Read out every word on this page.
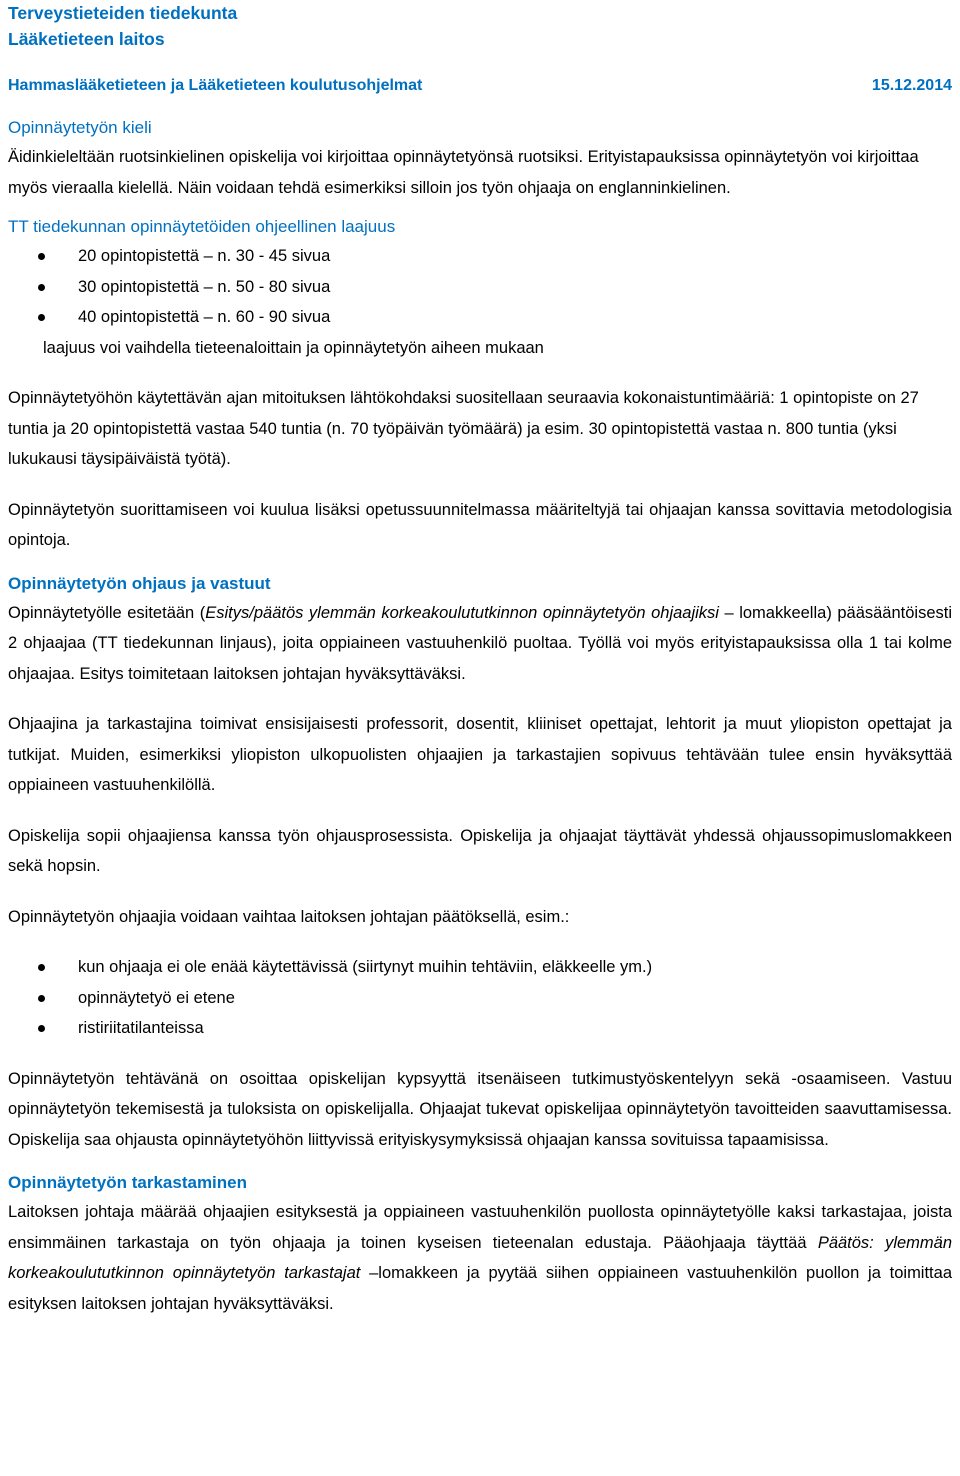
Terveystieteiden tiedekunta
Lääketieteen laitos
Hammaslääketieteen ja Lääketieteen koulutusohjelmat	15.12.2014
Opinnäytetyön kieli

Äidinkieleltään ruotsinkielinen opiskelija voi kirjoittaa opinnäytetyönsä ruotsiksi. Erityistapauksissa opinnäytetyön voi kirjoittaa myös vieraalla kielellä. Näin voidaan tehdä esimerkiksi silloin jos työn ohjaaja on englanninkielinen.

TT tiedekunnan opinnäytetöiden ohjeellinen laajuus
20 opintopistettä – n. 30 - 45 sivua
30 opintopistettä – n. 50 - 80 sivua
40 opintopistettä – n. 60 - 90 sivua

laajuus voi vaihdella tieteenaloittain ja opinnäytetyön aiheen mukaan

Opinnäytetyöhön käytettävän ajan mitoituksen lähtökohdaksi suositellaan seuraavia kokonaistuntimääriä: 1 opintopiste on 27 tuntia ja 20 opintopistettä vastaa 540 tuntia (n. 70 työpäivän työmäärä) ja esim. 30 opintopistettä vastaa n. 800 tuntia (yksi lukukausi täysipäiväistä työtä).

Opinnäytetyön suorittamiseen voi kuulua lisäksi opetussuunnitelmassa määriteltyjä tai ohjaajan kanssa sovittavia metodologisia opintoja.

Opinnäytetyön ohjaus ja vastuut

Opinnäytetyölle esitetään (Esitys/päätös ylemmän korkeakoulututkinnon opinnäytetyön ohjaajiksi – lomakkeella) pääsääntöisesti 2 ohjaajaa (TT tiedekunnan linjaus), joita oppiaineen vastuuhenkilö puoltaa. Työllä voi myös erityistapauksissa olla 1 tai kolme ohjaajaa. Esitys toimitetaan laitoksen johtajan hyväksyttäväksi.

Ohjaajina ja tarkastajina toimivat ensisijaisesti professorit, dosentit, kliiniset opettajat, lehtorit ja muut yliopiston opettajat ja tutkijat. Muiden, esimerkiksi yliopiston ulkopuolisten ohjaajien ja tarkastajien sopivuus tehtävään tulee ensin hyväksyttää oppiaineen vastuuhenkilöllä.

Opiskelija sopii ohjaajiensa kanssa työn ohjausprosessista. Opiskelija ja ohjaajat täyttävät yhdessä ohjaussopimuslomakkeen sekä hopsin.

Opinnäytetyön ohjaajia voidaan vaihtaa laitoksen johtajan päätöksellä, esim.:

kun ohjaaja ei ole enää käytettävissä (siirtynyt muihin tehtäviin, eläkkeelle ym.)
opinnäytetyö ei etene
ristiriitatilanteissa

Opinnäytetyön tehtävänä on osoittaa opiskelijan kypsyyttä itsenäiseen tutkimustyöskentelyyn sekä -osaamiseen. Vastuu opinnäytetyön tekemisestä ja tuloksista on opiskelijalla. Ohjaajat tukevat opiskelijaa opinnäytetyön tavoitteiden saavuttamisessa. Opiskelija saa ohjausta opinnäytetyöhön liittyvissä erityiskysymyksissä ohjaajan kanssa sovituissa tapaamisissa.

Opinnäytetyön tarkastaminen

Laitoksen johtaja määrää ohjaajien esityksestä ja oppiaineen vastuuhenkilön puollosta opinnäytetyölle kaksi tarkastajaa, joista ensimmäinen tarkastaja on työn ohjaaja ja toinen kyseisen tieteenalan edustaja. Pääohjaaja täyttää Päätös: ylemmän korkeakoulututkinnon opinnäytetyön tarkastajat –lomakkeen ja pyytää siihen oppiaineen vastuuhenkilön puollon ja toimittaa esityksen laitoksen johtajan hyväksyttäväksi.
